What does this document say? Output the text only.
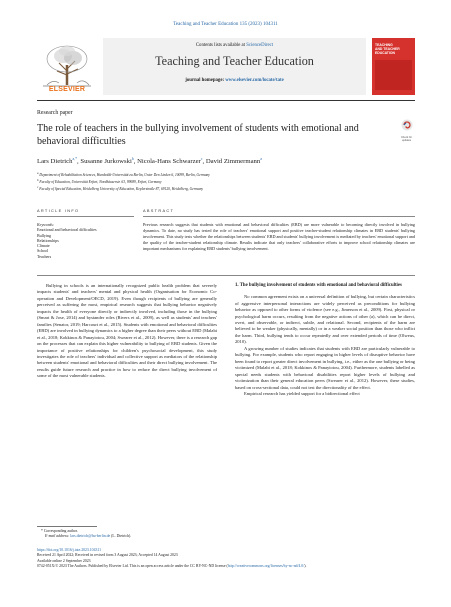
Teaching and Teacher Education 135 (2023) 104311
ELSEVIER
Contents lists available at ScienceDirect
Teaching and Teacher Education
journal homepage: www.elsevier.com/locate/tate
TEACHING
AND TEACHER
EDUCATION
Research paper
The role of teachers in the bullying involvement of students with emotional and behavioral difficulties	Check for updates
Lars Dietrich$^{a,*}$, Susanne Jurkowski$^b$, Nicola-Hans Schwarzer$^c$, David Zimmermann$^a$
$^a$ Department of Rehabilitation Sciences, Humboldt-Universität zu Berlin, Unter Den Linden 6, 10099, Berlin, Germany
$^b$ Faculty of Education, Universität Erfurt, Nordhäuserstr. 63, 99089, Erfurt, Germany
$^c$ Faculty of Special Education, Heidelberg University of Education, Keplerstraße 87, 69120, Heidelberg, Germany
ARTICLE INFO	ABSTRACT
Keywords:
Emotional and behavioral difficulties
Bullying
Relationships
Climate
School
Teachers
Previous research suggests that students with emotional and behavioral difficulties (EBD) are more vulnerable to becoming directly involved in bullying dynamics. To date, no study has tested the role of teachers' emotional support and positive teacher-student relationship climates in EBD students' bullying involvement. This study tests whether the relationships between students' EBD and students' bullying involvement is mediated by teachers' emotional support and the quality of the teacher-student relationship climate. Results indicate that only teachers' collaborative efforts to improve school relationship climates are important mechanisms for explaining EBD students' bullying involvement.

Bullying in schools is an internationally recognized public health problem that severely impacts students' and teachers' mental and physical health (Organisation for Economic Co-operation and Development/OECD, 2019). Even though recipients of bullying are generally perceived as suffering the most, empirical research suggests that bullying behavior negatively impacts the health of everyone directly or indirectly involved, including those in the bullying (Smart & Jose, 2014) and bystander roles (Rivers et al., 2009), as well as students' and teachers' families (Senator, 2019; Harcourt et al., 2015). Students with emotional and behavioral difficulties (EBD) are involved in bullying dynamics to a higher degree than their peers without EBD (Malabi et al., 2018; Kokkinos & Panayiotou, 2004; Swearer et al., 2012). However, there is a research gap on the processes that can explain this higher vulnerability to bullying of EBD students. Given the importance of positive relationships for children's psychosocial development, this study investigates the role of teachers' individual and collective support as mediators of the relationship between students' emotional and behavioral difficulties and their direct bullying involvement. The results guide future research and practice in how to reduce the direct bullying involvement of some of the most vulnerable students.

1. The bullying involvement of students with emotional and behavioral difficulties

No common agreement exists on a universal definition of bullying, but certain characteristics of aggressive interpersonal interactions are widely perceived as preconditions for bullying behavior as opposed to other forms of violence (see e.g., Jimerson et al., 2009). First, physical or psychological harm occurs, resulting from the negative actions of other (a), which can be direct, overt, and observable, or indirect, subtle, and relational. Second, recipients of the harm are believed to be weaker (physically, mentally) or in a weaker social position than those who inflict the harm. Third, bullying tends to occur repeatedly and over extended periods of time (Olweus, 2010).

A growing number of studies indicates that students with EBD are particularly vulnerable to bullying. For example, students who report engaging in higher levels of disruptive behavior have been found to report greater direct involvement in bullying, i.e., either as the one bullying or being victimized (Malabi et al., 2018; Kokkinos & Panayiotou, 2004). Furthermore, students labelled as special needs students with behavioral disabilities report higher levels of bullying and victimization than their general education peers (Swearer et al., 2012). However, these studies, based on cross-sectional data, could not test the directionality of the effect.

Empirical research has yielded support for a bidirectional effect

* Corresponding author.
E-mail address: lars.dietrich@hu-berlin.de (L. Dietrich).
https://doi.org/10.1016/j.tate.2023.104311
Received 21 April 2022; Received in revised form 3 August 2023; Accepted 14 August 2023
Available online 2 September 2023
0742-051X/© 2023 The Authors. Published by Elsevier Ltd. This is an open access article under the CC BY-NC-ND license (http://creativecommons.org/licenses/by-nc-nd/4.0/).
